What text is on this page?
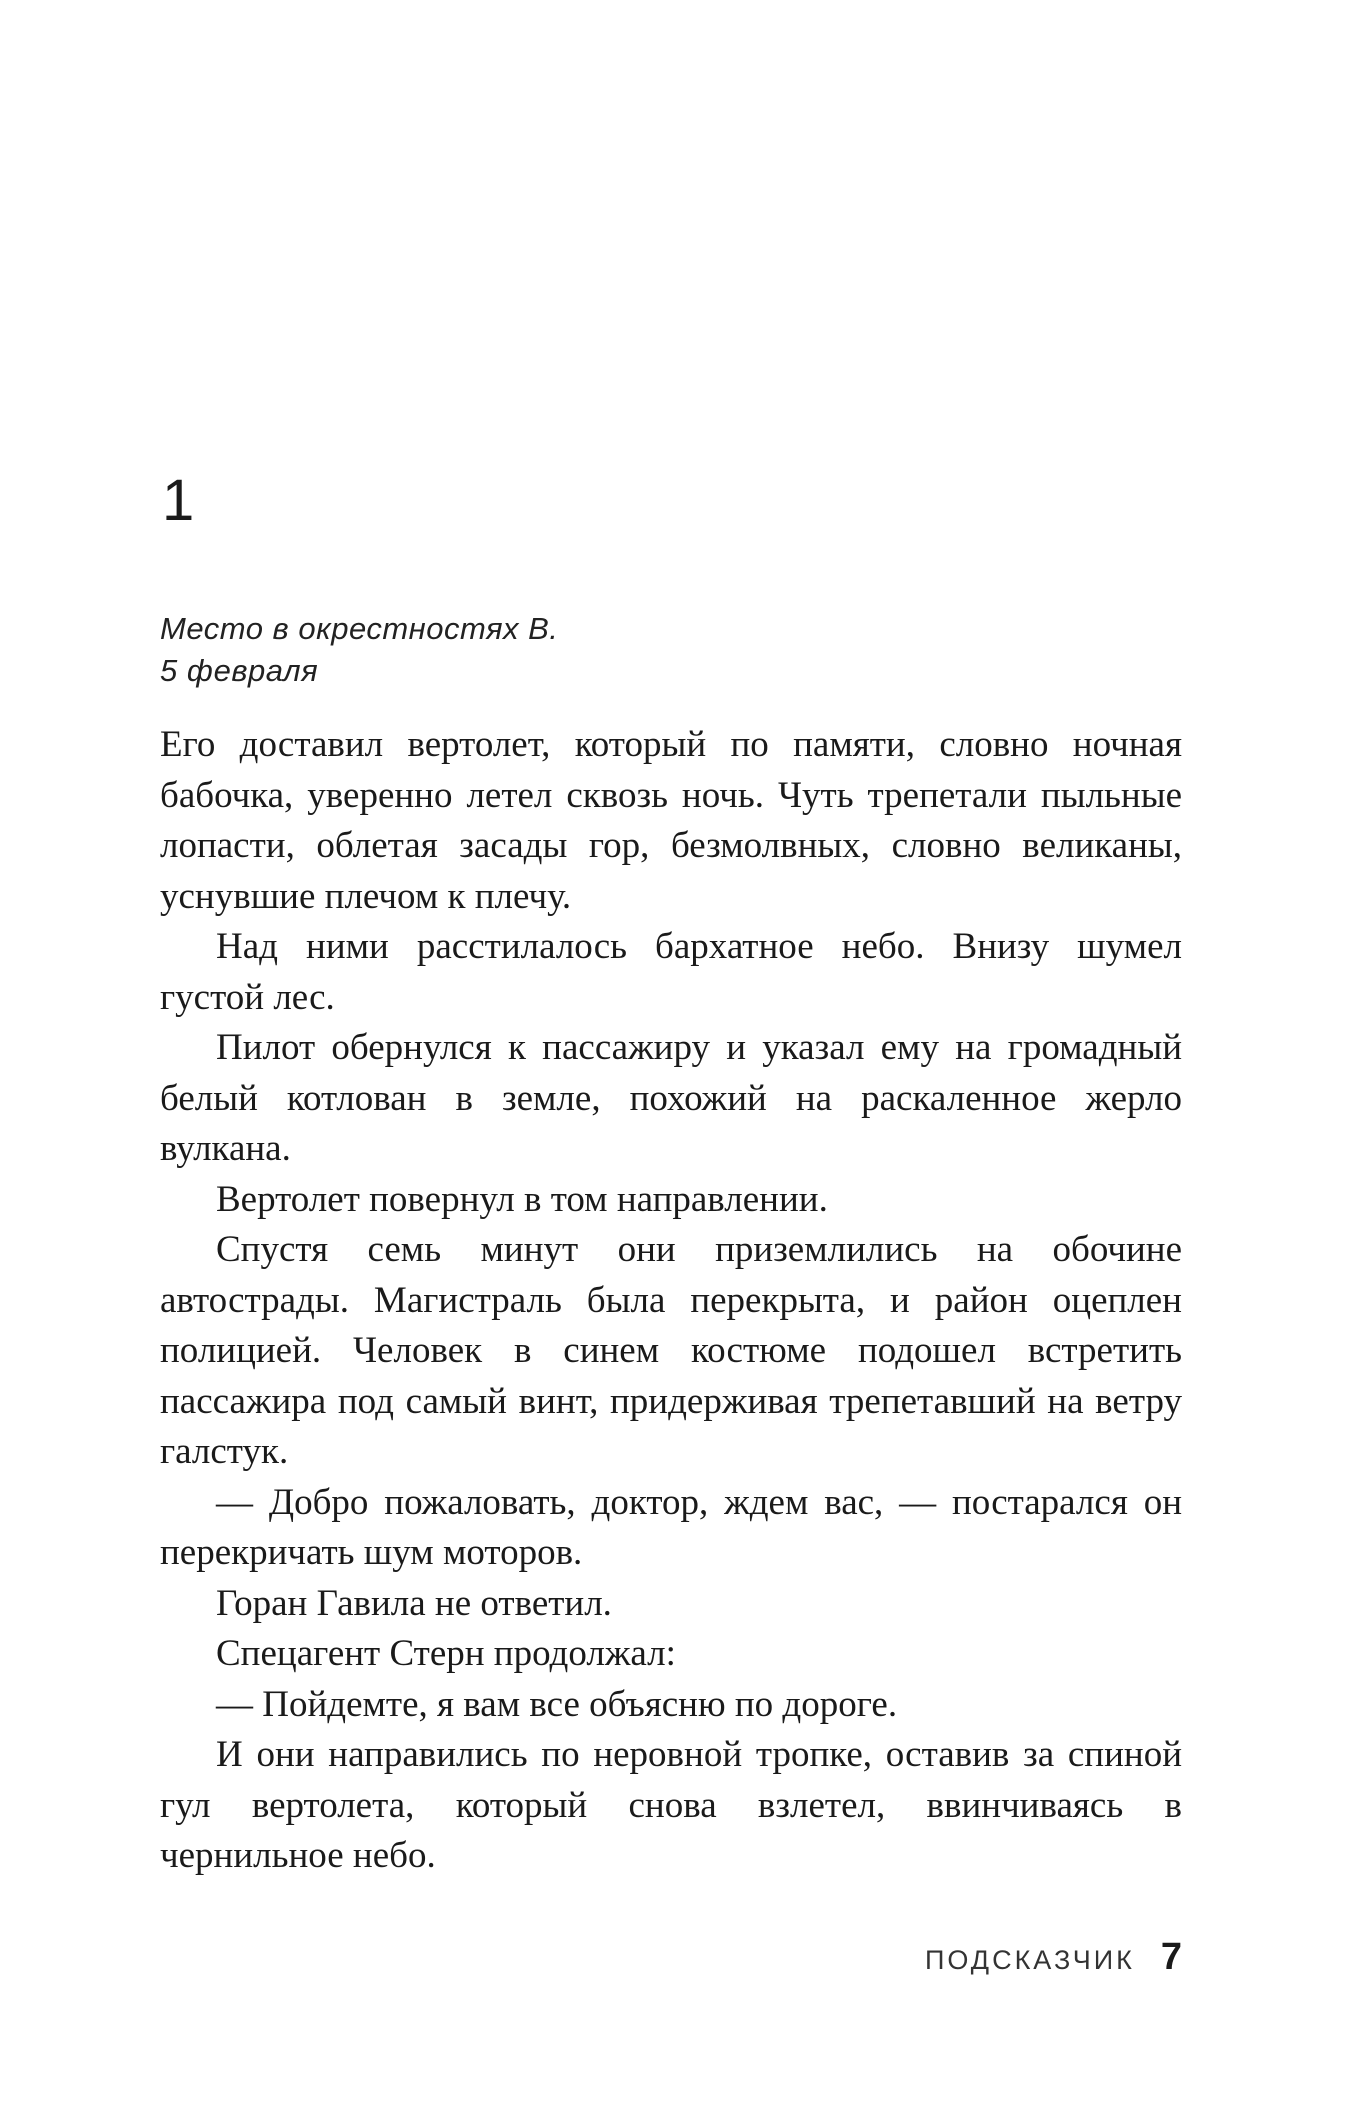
1
Место в окрестностях В.
5 февраля

Его доставил вертолет, который по памяти, словно ночная бабочка, уверенно летел сквозь ночь. Чуть трепетали пыльные лопасти, облетая засады гор, безмолвных, словно великаны, уснувшие плечом к плечу.

Над ними расстилалось бархатное небо. Внизу шумел густой лес.

Пилот обернулся к пассажиру и указал ему на громадный белый котлован в земле, похожий на раскаленное жерло вулкана.

Вертолет повернул в том направлении.

Спустя семь минут они приземлились на обочине автострады. Магистраль была перекрыта, и район оцеплен полицией. Человек в синем костюме подошел встретить пассажира под самый винт, придерживая трепетавший на ветру галстук.

— Добро пожаловать, доктор, ждем вас, — постарался он перекричать шум моторов.

Горан Гавила не ответил.

Спецагент Стерн продолжал:

— Пойдемте, я вам все объясню по дороге.

И они направились по неровной тропке, оставив за спиной гул вертолета, который снова взлетел, ввинчиваясь в чернильное небо.

ПОДСКАЗЧИК 7
